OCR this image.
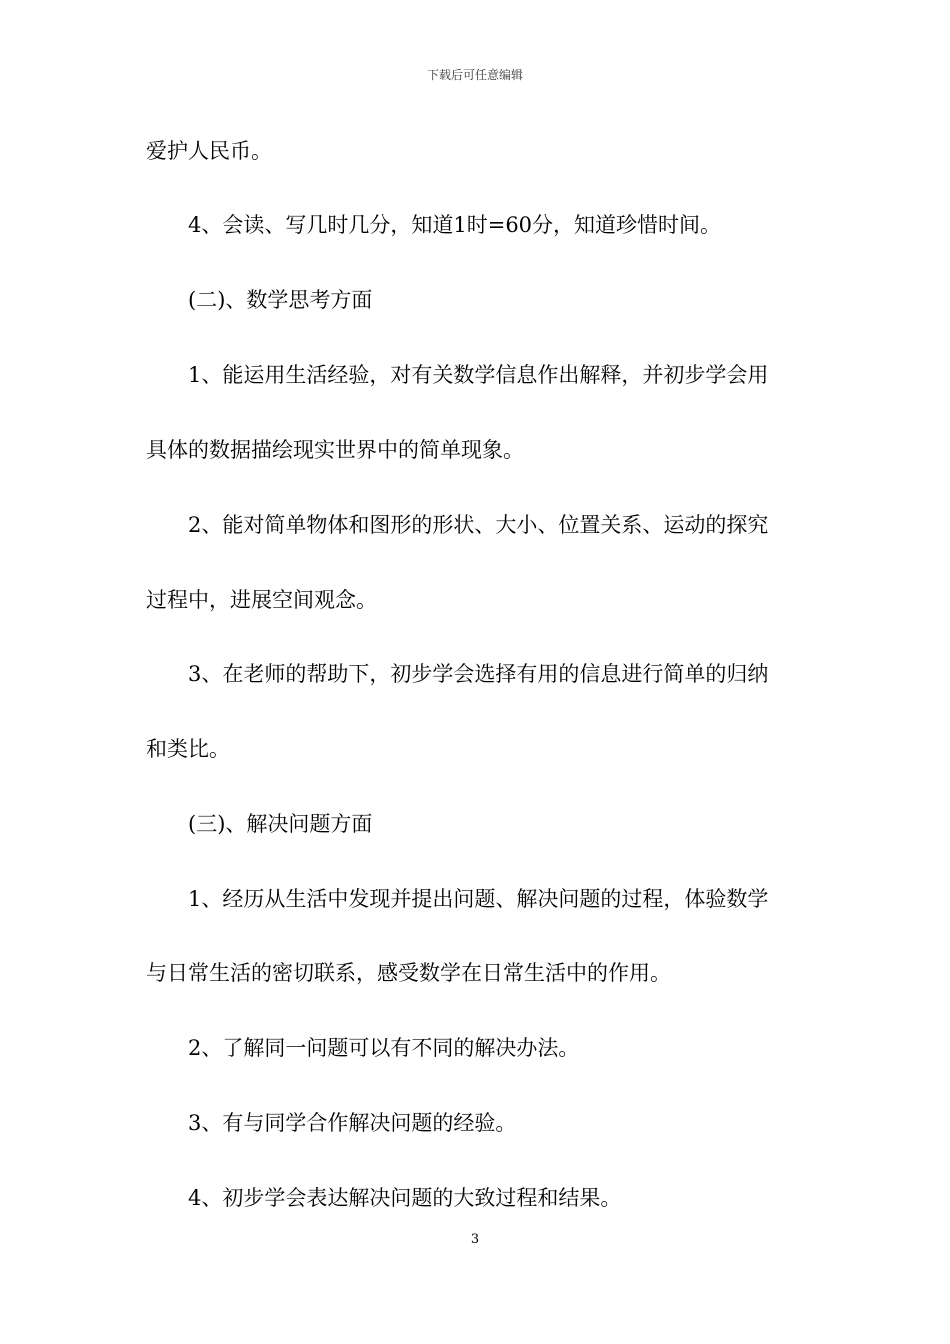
下载后可任意编辑
爱护人民币。
4、会读、写几时几分，知道1时=60分，知道珍惜时间。
(二)、数学思考方面
1、能运用生活经验，对有关数学信息作出解释，并初步学会用
具体的数据描绘现实世界中的简单现象。
2、能对简单物体和图形的形状、大小、位置关系、运动的探究
过程中，进展空间观念。
3、在老师的帮助下，初步学会选择有用的信息进行简单的归纳
和类比。
(三)、解决问题方面
1、经历从生活中发现并提出问题、解决问题的过程，体验数学
与日常生活的密切联系，感受数学在日常生活中的作用。
2、了解同一问题可以有不同的解决办法。
3、有与同学合作解决问题的经验。
4、初步学会表达解决问题的大致过程和结果。
3
